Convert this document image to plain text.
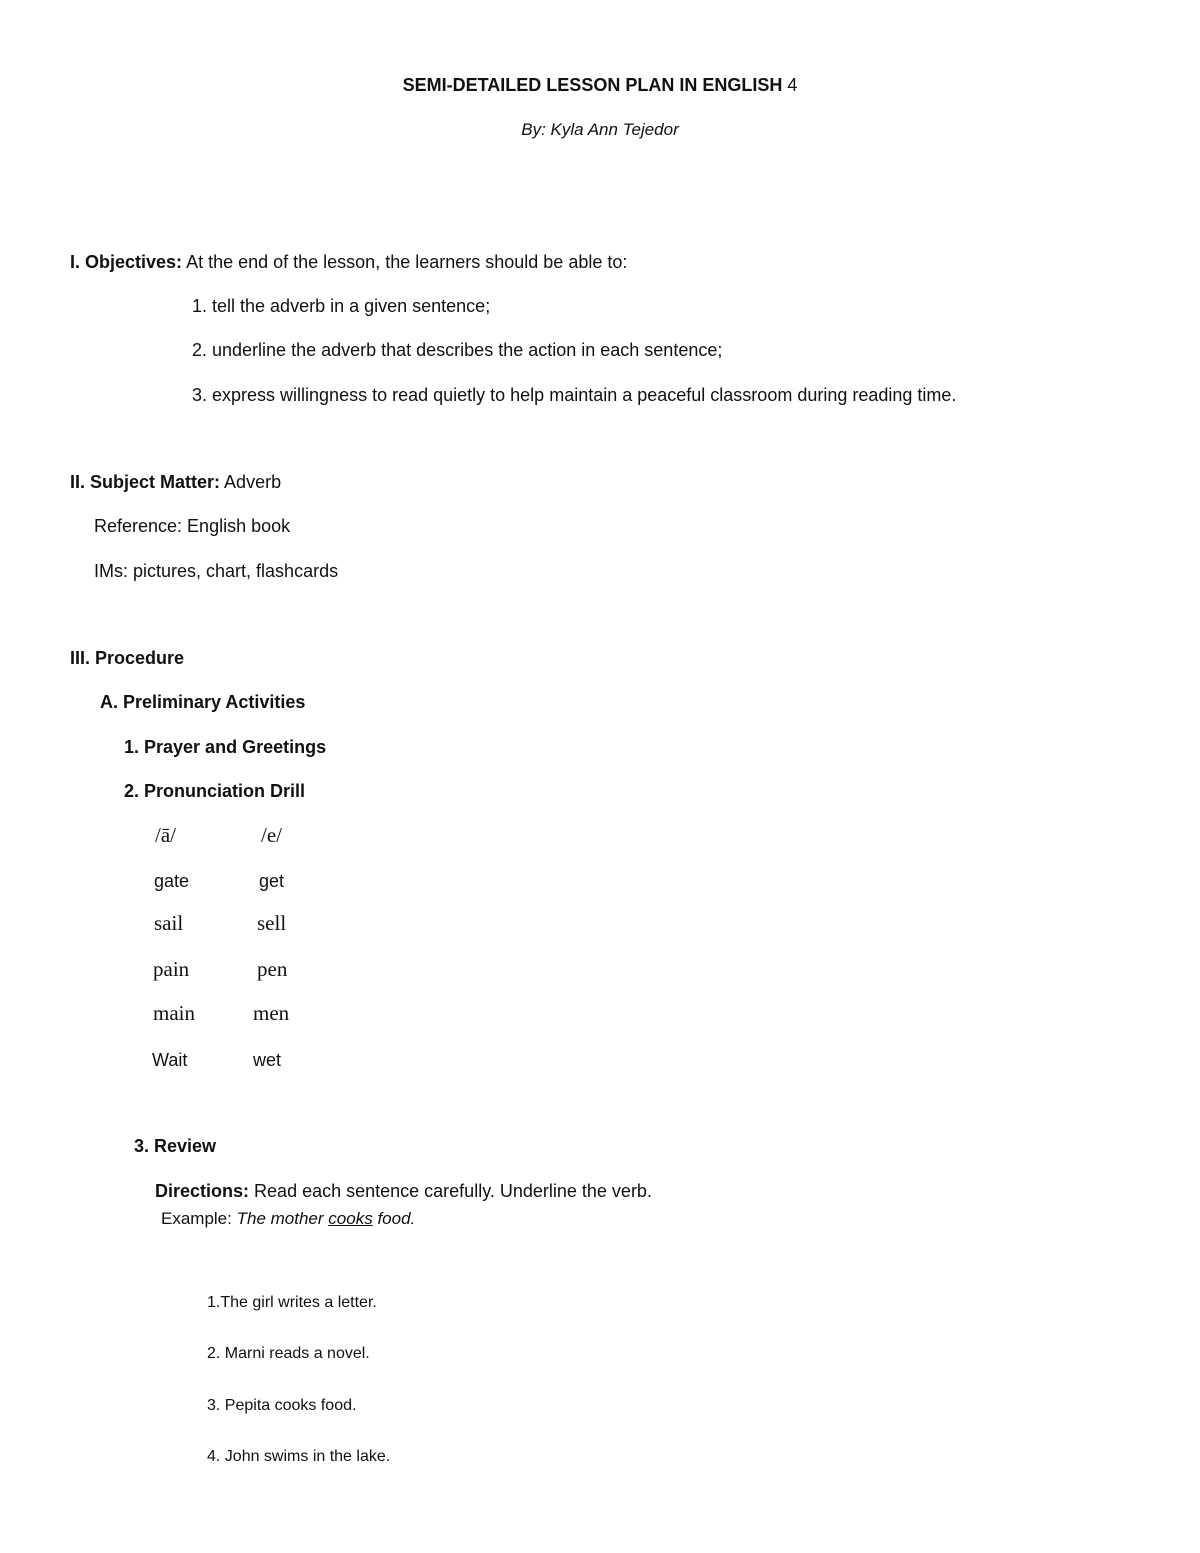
SEMI-DETAILED LESSON PLAN IN ENGLISH 4
By: Kyla Ann Tejedor
I. Objectives: At the end of the lesson, the learners should be able to:
1. tell the adverb in a given sentence;
2. underline the adverb that describes the action in each sentence;
3. express willingness to read quietly to help maintain a peaceful classroom during reading time.
II. Subject Matter: Adverb
Reference: English book
IMs: pictures, chart, flashcards
III. Procedure
A. Preliminary Activities
1. Prayer and Greetings
2. Pronunciation Drill
/ā/	/e/
gate	get
sail	sell
pain	pen
main	men
Wait	wet
3. Review
Directions: Read each sentence carefully. Underline the verb.
Example: The mother cooks food.
1.The girl writes a letter.
2. Marni reads a novel.
3. Pepita cooks food.
4. John swims in the lake.
